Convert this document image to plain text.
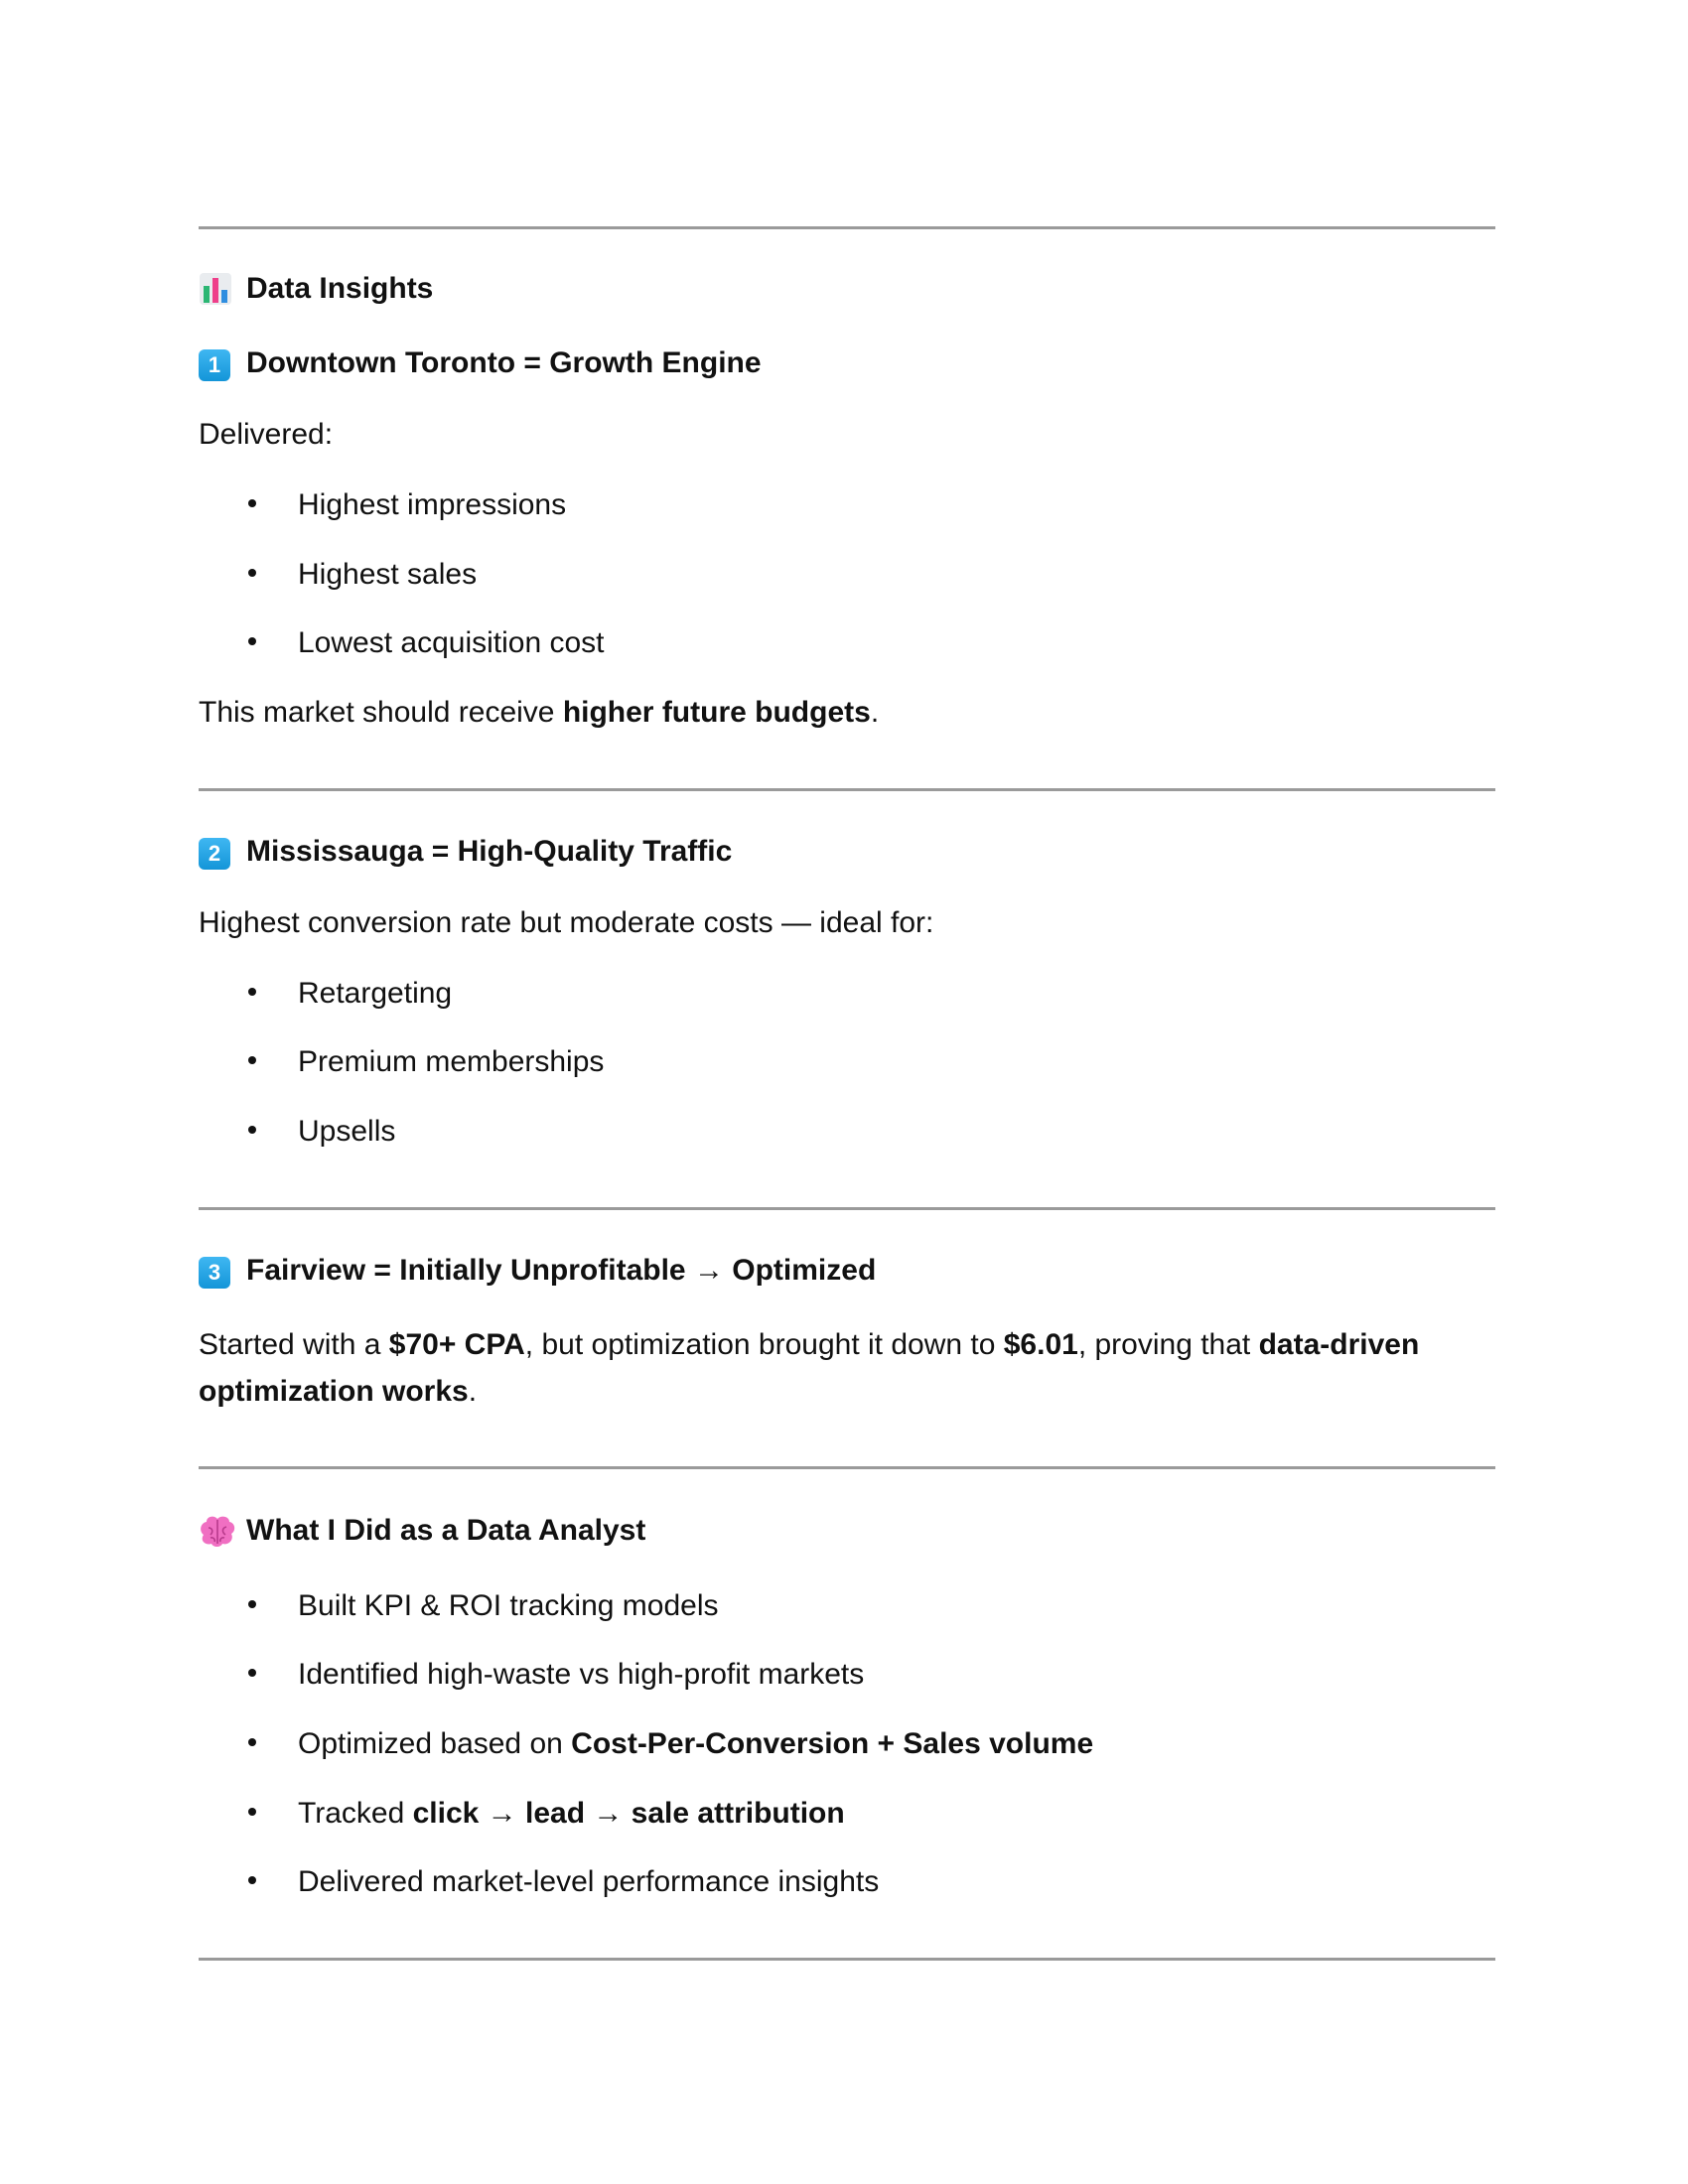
Data Insights
1 Downtown Toronto = Growth Engine
Delivered:
Highest impressions
Highest sales
Lowest acquisition cost
This market should receive higher future budgets.
2 Mississauga = High-Quality Traffic
Highest conversion rate but moderate costs — ideal for:
Retargeting
Premium memberships
Upsells
3 Fairview = Initially Unprofitable → Optimized
Started with a $70+ CPA, but optimization brought it down to $6.01, proving that data-driven optimization works.
What I Did as a Data Analyst
Built KPI & ROI tracking models
Identified high-waste vs high-profit markets
Optimized based on Cost-Per-Conversion + Sales volume
Tracked click → lead → sale attribution
Delivered market-level performance insights
